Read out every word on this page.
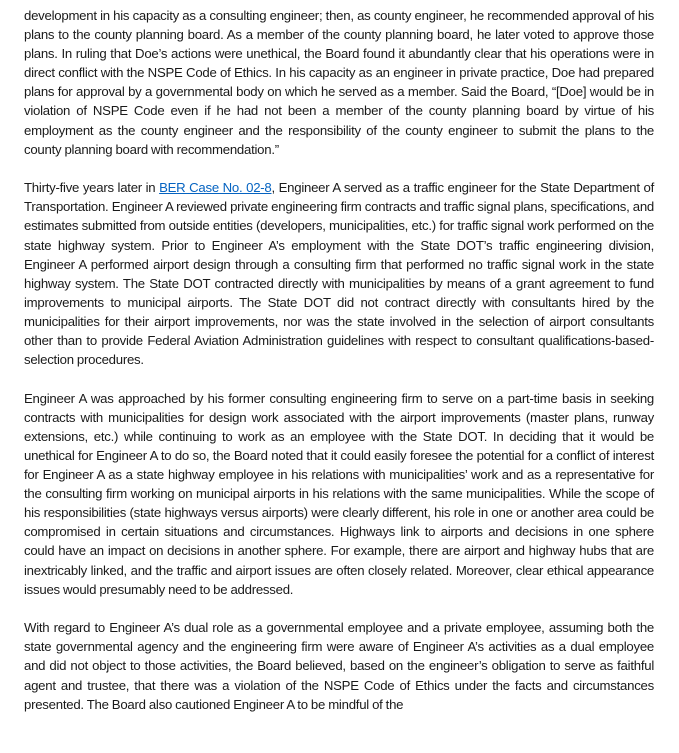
development in his capacity as a consulting engineer; then, as county engineer, he recommended approval of his plans to the county planning board. As a member of the county planning board, he later voted to approve those plans. In ruling that Doe’s actions were unethical, the Board found it abundantly clear that his operations were in direct conflict with the NSPE Code of Ethics. In his capacity as an engineer in private practice, Doe had prepared plans for approval by a governmental body on which he served as a member. Said the Board, “[Doe] would be in violation of NSPE Code even if he had not been a member of the county planning board by virtue of his employment as the county engineer and the responsibility of the county engineer to submit the plans to the county planning board with recommendation.”

Thirty-five years later in BER Case No. 02-8, Engineer A served as a traffic engineer for the State Department of Transportation. Engineer A reviewed private engineering firm contracts and traffic signal plans, specifications, and estimates submitted from outside entities (developers, municipalities, etc.) for traffic signal work performed on the state highway system. Prior to Engineer A’s employment with the State DOT’s traffic engineering division, Engineer A performed airport design through a consulting firm that performed no traffic signal work in the state highway system. The State DOT contracted directly with municipalities by means of a grant agreement to fund improvements to municipal airports. The State DOT did not contract directly with consultants hired by the municipalities for their airport improvements, nor was the state involved in the selection of airport consultants other than to provide Federal Aviation Administration guidelines with respect to consultant qualifications-based-selection procedures.

Engineer A was approached by his former consulting engineering firm to serve on a part-time basis in seeking contracts with municipalities for design work associated with the airport improvements (master plans, runway extensions, etc.) while continuing to work as an employee with the State DOT. In deciding that it would be unethical for Engineer A to do so, the Board noted that it could easily foresee the potential for a conflict of interest for Engineer A as a state highway employee in his relations with municipalities’ work and as a representative for the consulting firm working on municipal airports in his relations with the same municipalities. While the scope of his responsibilities (state highways versus airports) were clearly different, his role in one or another area could be compromised in certain situations and circumstances. Highways link to airports and decisions in one sphere could have an impact on decisions in another sphere. For example, there are airport and highway hubs that are inextricably linked, and the traffic and airport issues are often closely related. Moreover, clear ethical appearance issues would presumably need to be addressed.

With regard to Engineer A’s dual role as a governmental employee and a private employee, assuming both the state governmental agency and the engineering firm were aware of Engineer A’s activities as a dual employee and did not object to those activities, the Board believed, based on the engineer’s obligation to serve as faithful agent and trustee, that there was a violation of the NSPE Code of Ethics under the facts and circumstances presented. The Board also cautioned Engineer A to be mindful of the
